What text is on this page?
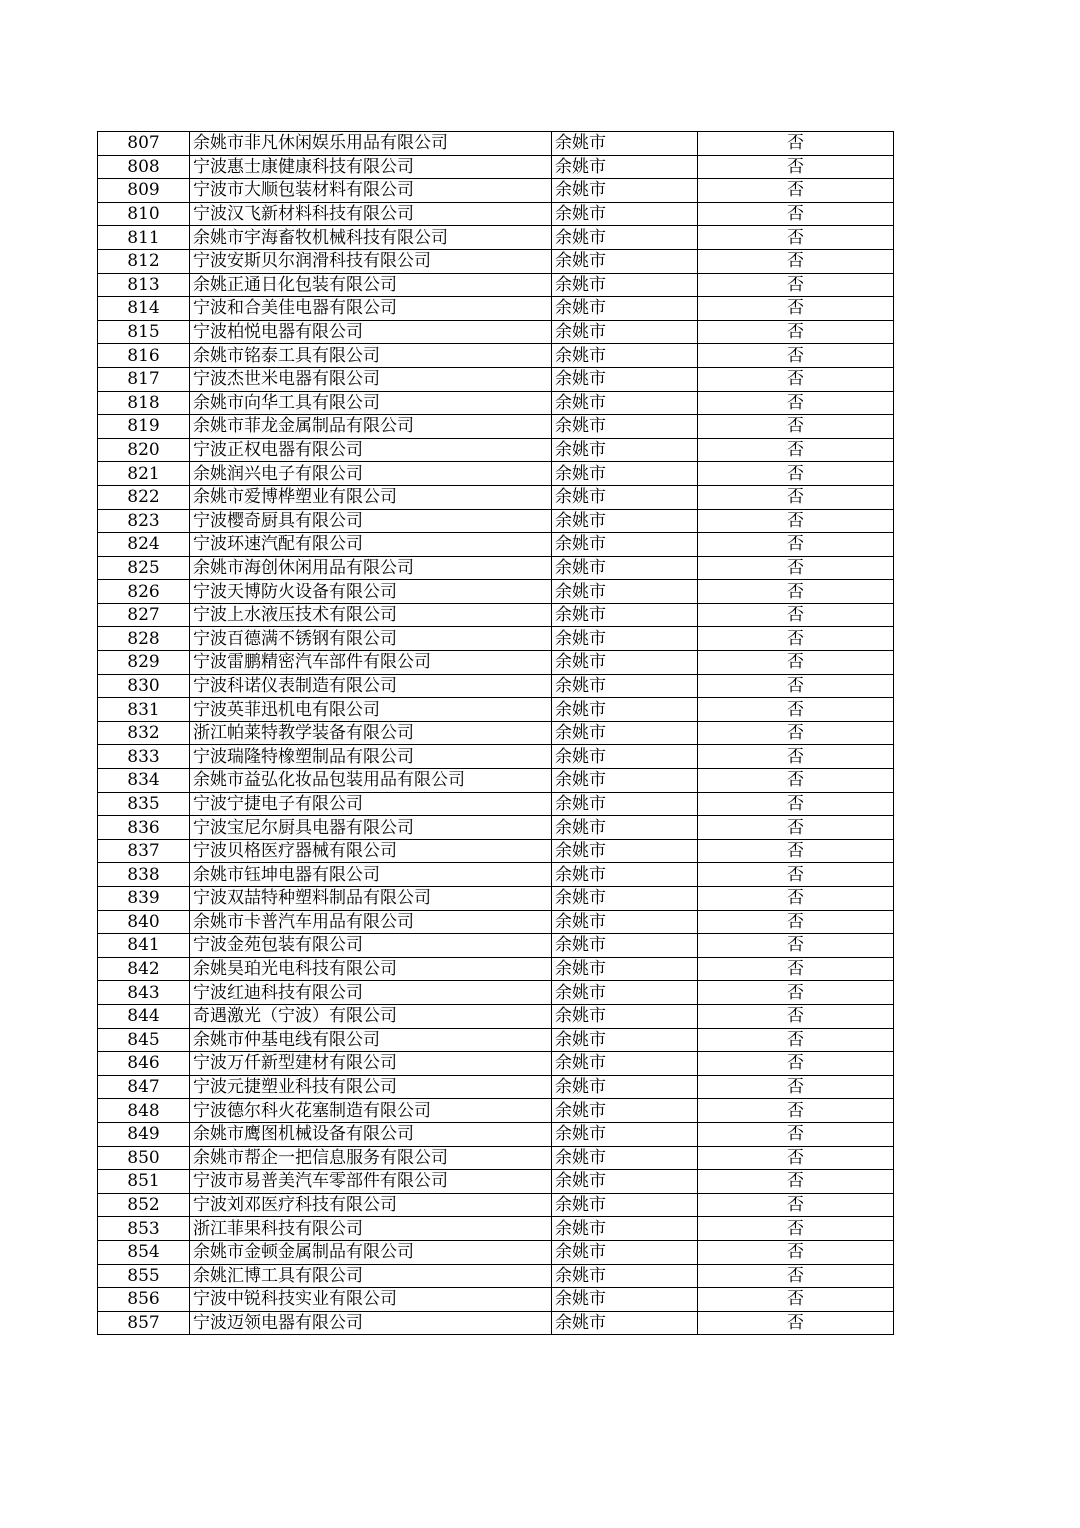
807	余姚市非凡休闲娱乐用品有限公司	余姚市	否
808	宁波惠士康健康科技有限公司	余姚市	否
809	宁波市大顺包装材料有限公司	余姚市	否
810	宁波汉飞新材料科技有限公司	余姚市	否
811	余姚市宇海畜牧机械科技有限公司	余姚市	否
812	宁波安斯贝尔润滑科技有限公司	余姚市	否
813	余姚正通日化包装有限公司	余姚市	否
814	宁波和合美佳电器有限公司	余姚市	否
815	宁波柏悦电器有限公司	余姚市	否
816	余姚市铭泰工具有限公司	余姚市	否
817	宁波杰世米电器有限公司	余姚市	否
818	余姚市向华工具有限公司	余姚市	否
819	余姚市菲龙金属制品有限公司	余姚市	否
820	宁波正权电器有限公司	余姚市	否
821	余姚润兴电子有限公司	余姚市	否
822	余姚市爱博桦塑业有限公司	余姚市	否
823	宁波樱奇厨具有限公司	余姚市	否
824	宁波环速汽配有限公司	余姚市	否
825	余姚市海创休闲用品有限公司	余姚市	否
826	宁波天博防火设备有限公司	余姚市	否
827	宁波上水液压技术有限公司	余姚市	否
828	宁波百德满不锈钢有限公司	余姚市	否
829	宁波雷鹏精密汽车部件有限公司	余姚市	否
830	宁波科诺仪表制造有限公司	余姚市	否
831	宁波英菲迅机电有限公司	余姚市	否
832	浙江帕莱特教学装备有限公司	余姚市	否
833	宁波瑞隆特橡塑制品有限公司	余姚市	否
834	余姚市益弘化妆品包装用品有限公司	余姚市	否
835	宁波宁捷电子有限公司	余姚市	否
836	宁波宝尼尔厨具电器有限公司	余姚市	否
837	宁波贝格医疗器械有限公司	余姚市	否
838	余姚市钰坤电器有限公司	余姚市	否
839	宁波双喆特种塑料制品有限公司	余姚市	否
840	余姚市卡普汽车用品有限公司	余姚市	否
841	宁波金苑包装有限公司	余姚市	否
842	余姚昊珀光电科技有限公司	余姚市	否
843	宁波红迪科技有限公司	余姚市	否
844	奇遇激光（宁波）有限公司	余姚市	否
845	余姚市仲基电线有限公司	余姚市	否
846	宁波万仟新型建材有限公司	余姚市	否
847	宁波元捷塑业科技有限公司	余姚市	否
848	宁波德尔科火花塞制造有限公司	余姚市	否
849	余姚市鹰图机械设备有限公司	余姚市	否
850	余姚市帮企一把信息服务有限公司	余姚市	否
851	宁波市易普美汽车零部件有限公司	余姚市	否
852	宁波刘邓医疗科技有限公司	余姚市	否
853	浙江菲果科技有限公司	余姚市	否
854	余姚市金顿金属制品有限公司	余姚市	否
855	余姚汇博工具有限公司	余姚市	否
856	宁波中锐科技实业有限公司	余姚市	否
857	宁波迈领电器有限公司	余姚市	否
